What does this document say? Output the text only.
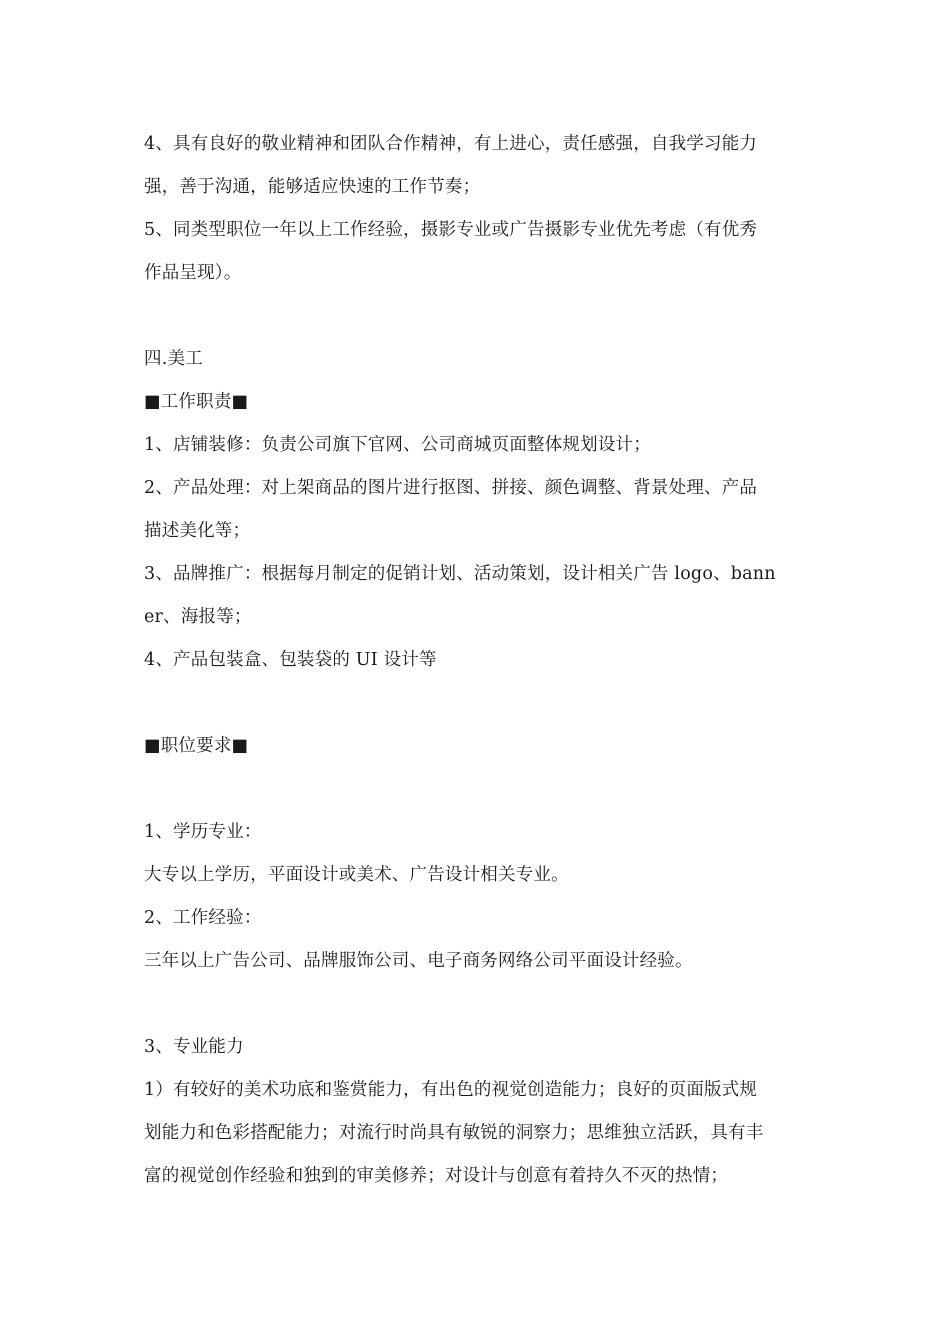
4、具有良好的敬业精神和团队合作精神，有上进心，责任感强，自我学习能力
强，善于沟通，能够适应快速的工作节奏；
5、同类型职位一年以上工作经验，摄影专业或广告摄影专业优先考虑（有优秀
作品呈现）。
四.美工
■工作职责■
1、店铺装修：负责公司旗下官网、公司商城页面整体规划设计；
2、产品处理：对上架商品的图片进行抠图、拼接、颜色调整、背景处理、产品
描述美化等；
3、品牌推广：根据每月制定的促销计划、活动策划，设计相关广告 logo、bann
er、海报等；
4、产品包装盒、包装袋的 UI 设计等
■职位要求■
1、学历专业：
大专以上学历，平面设计或美术、广告设计相关专业。
2、工作经验：
三年以上广告公司、品牌服饰公司、电子商务网络公司平面设计经验。
3、专业能力
1）有较好的美术功底和鉴赏能力，有出色的视觉创造能力；良好的页面版式规
划能力和色彩搭配能力；对流行时尚具有敏锐的洞察力；思维独立活跃，具有丰
富的视觉创作经验和独到的审美修养；对设计与创意有着持久不灭的热情；
